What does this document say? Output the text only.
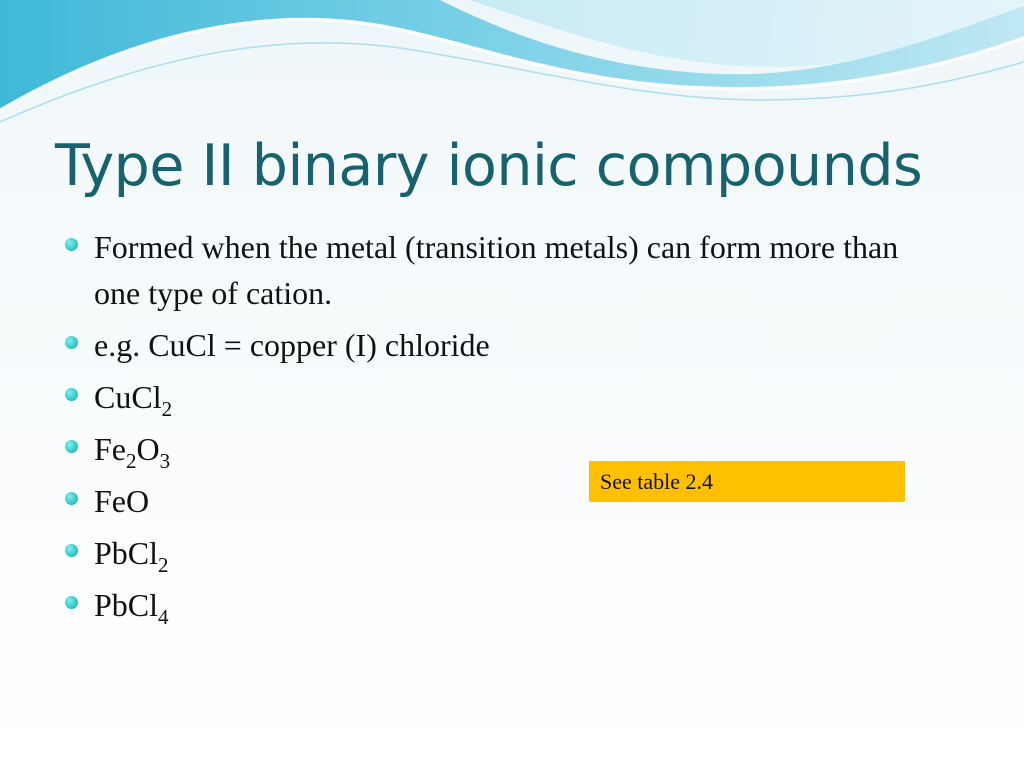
Type II binary ionic compounds
Formed when the metal (transition metals) can form more than one type of cation.
e.g. CuCl = copper (I) chloride
CuCl$_2$
$Fe_2O_3$
FeO
PbCl$_2$
PbCl$_4$
See table 2.4
